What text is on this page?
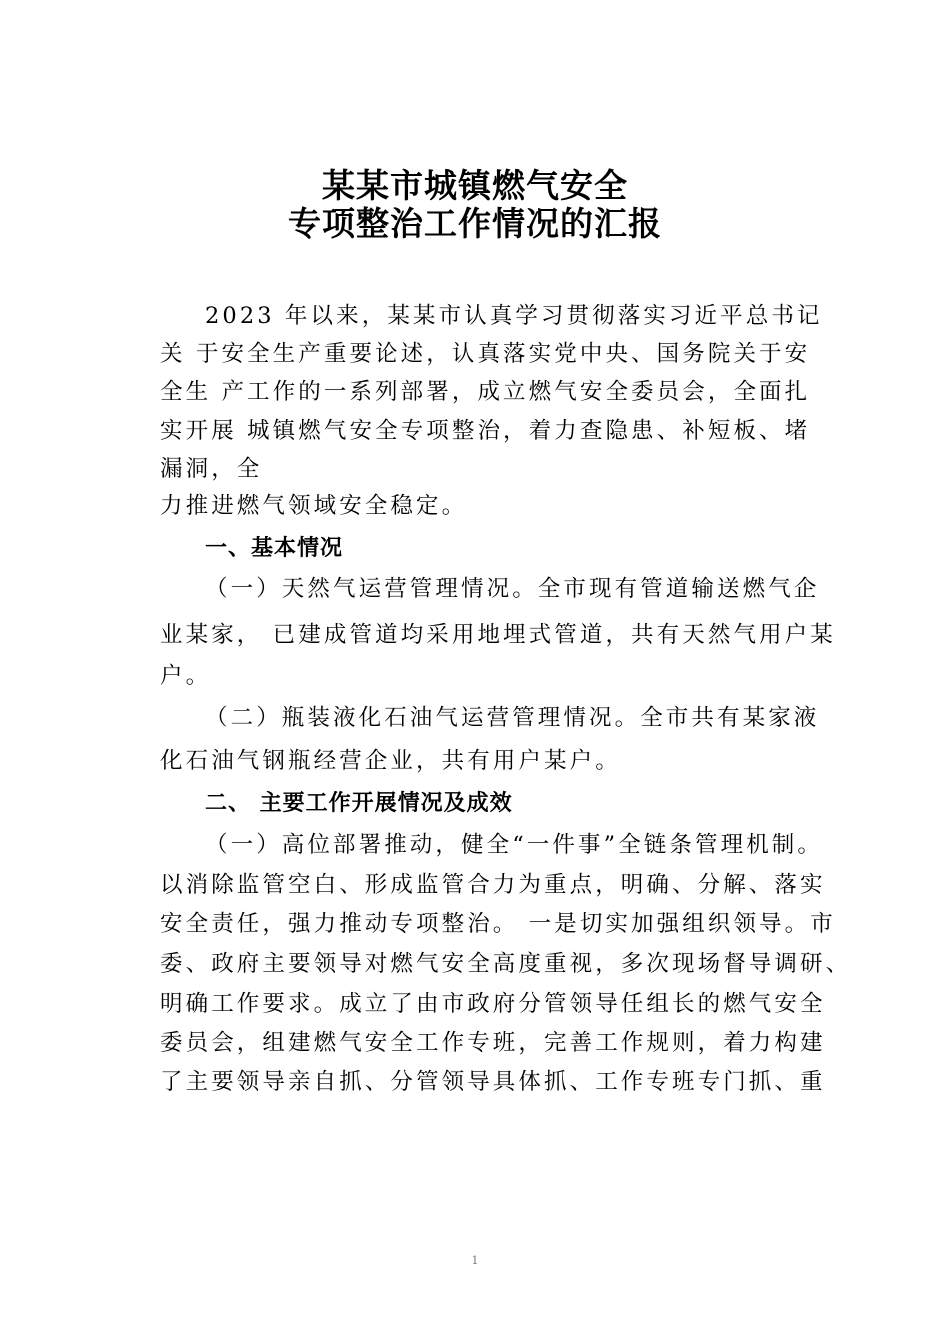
某某市城镇燃气安全
专项整治工作情况的汇报
2023 年以来，某某市认真学习贯彻落实习近平总书记
关 于安全生产重要论述，认真落实党中央、国务院关于安
全生 产工作的一系列部署，成立燃气安全委员会，全面扎
实开展 城镇燃气安全专项整治，着力查隐患、补短板、堵
漏洞，全
力推进燃气领域安全稳定。
一、基本情况
（一）天然气运营管理情况。全市现有管道输送燃气企
业某家， 已建成管道均采用地埋式管道，共有天然气用户某
户。
（二）瓶装液化石油气运营管理情况。全市共有某家液
化石油气钢瓶经营企业，共有用户某户。
二、 主要工作开展情况及成效
（一）高位部署推动，健全“一件事”全链条管理机制。
以消除监管空白、形成监管合力为重点，明确、分解、落实
安全责任，强力推动专项整治。 一是切实加强组织领导。市
委、政府主要领导对燃气安全高度重视，多次现场督导调研、
明确工作要求。成立了由市政府分管领导任组长的燃气安全
委员会，组建燃气安全工作专班，完善工作规则，着力构建
了主要领导亲自抓、分管领导具体抓、工作专班专门抓、重
1
